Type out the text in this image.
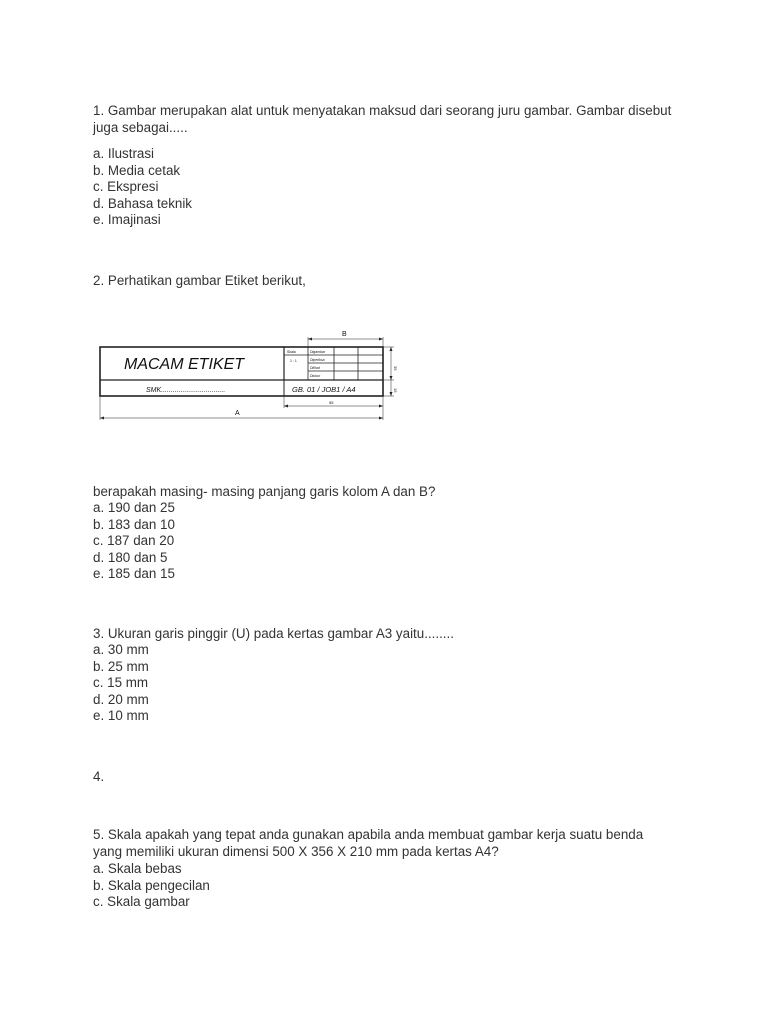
1. Gambar merupakan alat untuk menyatakan maksud dari seorang juru gambar. Gambar disebut juga sebagai.....

a. Ilustrasi
b. Media cetak
c. Ekspresi
d. Bahasa teknik
e. Imajinasi

2. Perhatikan gambar Etiket berikut,

MACAM ETIKET
SMK.................................	GB. 01 / JOB1 / A4
B
A
55
35
15
Skala
1 : 1
Digambar
Diperiksa
Dilihat
Diukur

berapakah masing- masing panjang garis kolom A dan B?

a. 190 dan 25
b. 183 dan 10
c. 187 dan 20
d. 180 dan 5
e. 185 dan 15

3. Ukuran garis pinggir (U) pada kertas gambar A3 yaitu........

a. 30 mm
b. 25 mm
c. 15 mm
d. 20 mm
e. 10 mm

4.

5. Skala apakah yang tepat anda gunakan apabila anda membuat gambar kerja suatu benda yang memiliki ukuran dimensi 500 X 356 X 210 mm pada kertas A4?

a. Skala bebas
b. Skala pengecilan
c. Skala gambar
